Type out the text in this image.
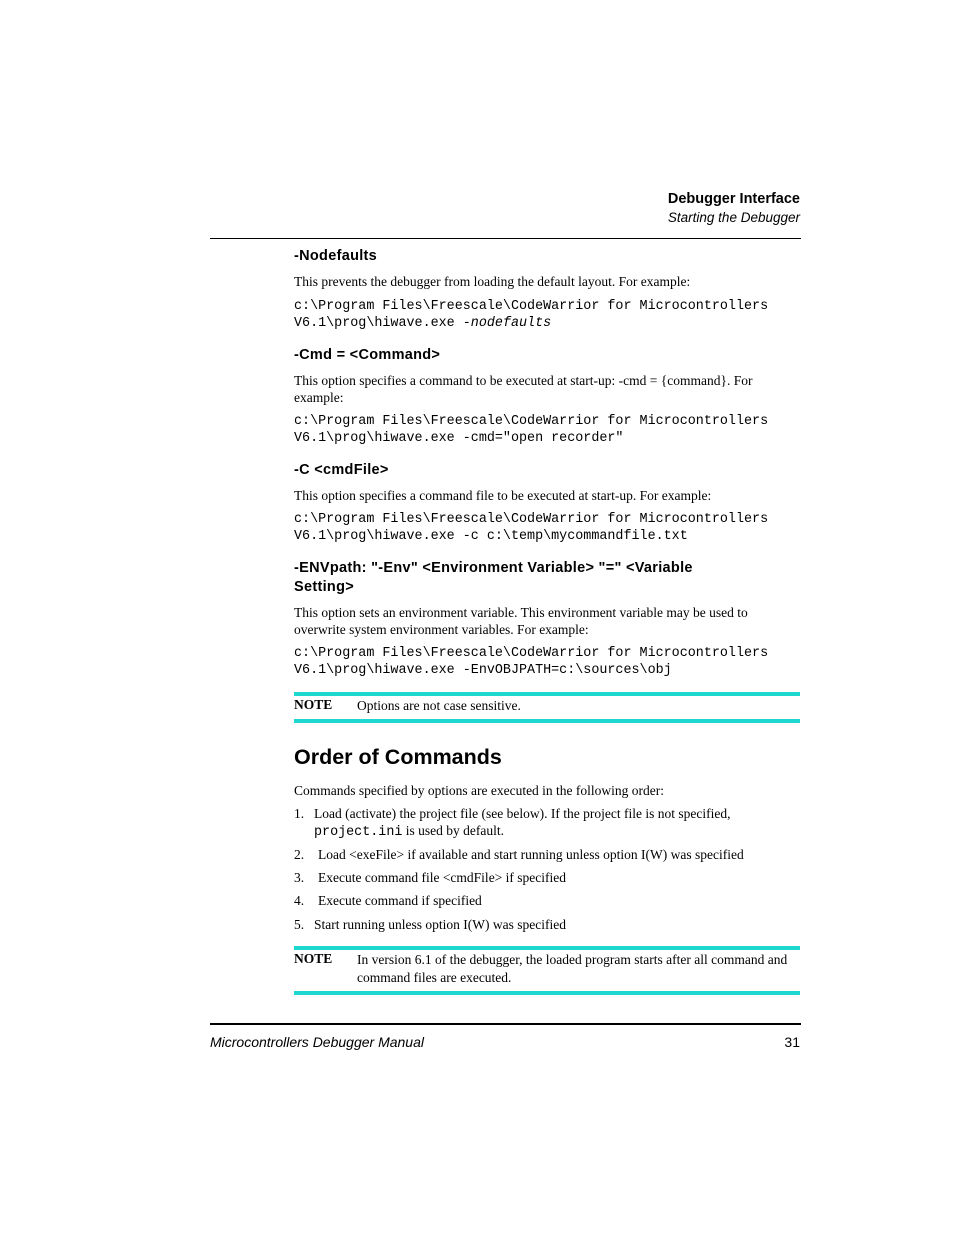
Debugger Interface
Starting the Debugger
-Nodefaults
This prevents the debugger from loading the default layout. For example:
c:\Program Files\Freescale\CodeWarrior for Microcontrollers
V6.1\prog\hiwave.exe -nodefaults
-Cmd = <Command>
This option specifies a command to be executed at start-up: -cmd = {command}. For
example:
c:\Program Files\Freescale\CodeWarrior for Microcontrollers
V6.1\prog\hiwave.exe -cmd="open recorder"
-C <cmdFile>
This option specifies a command file to be executed at start-up. For example:
c:\Program Files\Freescale\CodeWarrior for Microcontrollers
V6.1\prog\hiwave.exe -c c:\temp\mycommandfile.txt
-ENVpath: "-Env" <Environment Variable> "=" <Variable
Setting>
This option sets an environment variable. This environment variable may be used to
overwrite system environment variables. For example:
c:\Program Files\Freescale\CodeWarrior for Microcontrollers
V6.1\prog\hiwave.exe -EnvOBJPATH=c:\sources\obj
NOTE Options are not case sensitive.
Order of Commands
Commands specified by options are executed in the following order:
1. Load (activate) the project file (see below). If the project file is not specified,
project.ini is used by default.
2. Load <exeFile> if available and start running unless option I(W) was specified
3. Execute command file <cmdFile> if specified
4. Execute command if specified
5. Start running unless option I(W) was specified
NOTE In version 6.1 of the debugger, the loaded program starts after all command and
command files are executed.
Microcontrollers Debugger Manual	31
